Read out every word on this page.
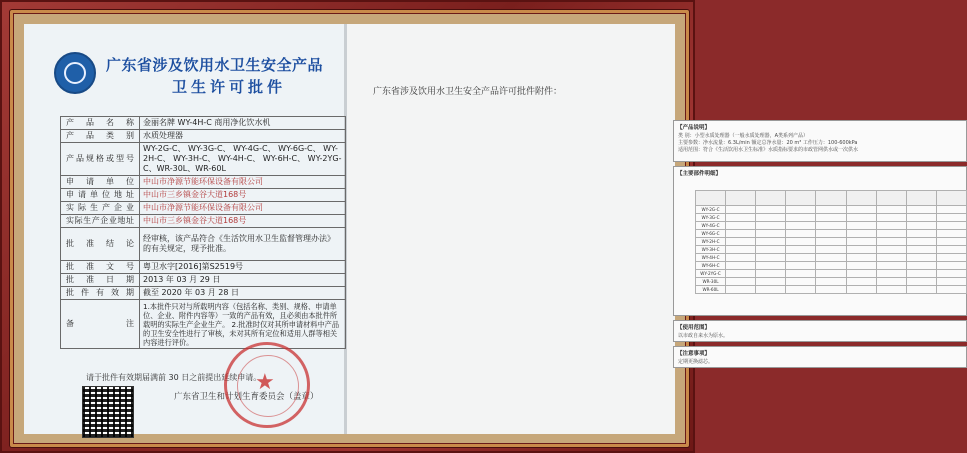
广东省涉及饮用水卫生安全产品
卫生许可批件
产品名称	金丽名牌 WY-4H-C 商用净化饮水机
产品类别	水质处理器
产品规格或型号	WY-2G-C、 WY-3G-C、 WY-4G-C、 WY-6G-C、 WY-2H-C、 WY-3H-C、 WY-4H-C、 WY-6H-C、 WY-2YG-C、WR-30L、WR-60L
申请单位	中山市净源节能环保设备有限公司
申请单位地址	中山市三乡镇金谷大道168号
实际生产企业	中山市净源节能环保设备有限公司
实际生产企业地址	中山市三乡镇金谷大道168号
批准结论	经审核，该产品符合《生活饮用水卫生监督管理办法》的有关规定，现予批准。
批准文号	粤卫水字[2016]第S2519号
批准日期	2013 年 03 月 29 日
批件有效期	截至 2020 年 03 月 28 日
备注	1.本批件只对与所载明内容（包括名称、类别、规格、申请单位、企业、附件内容等）一致的产品有效，且必须由本批件所载明的实际生产企业生产。 2.批准时仅对其所申请材料中产品的卫生安全性进行了审核，未对其所有定位和适用人群等相关内容进行评价。
请于批件有效期届满前 30 日之前提出延续申请。
广东省卫生和计划生育委员会（盖章）
★
广东省涉及饮用水卫生安全产品许可批件附件：
【产品说明】

类 别：小型水质处理器（一般水质处理器，A类系列产品）

主要参数：净水流量：6.3L/min 额定总净水量：20 m³ 工作压力：100-600kPa

适用范围：符合《生活饮用水卫生标准》水质指标要求的市政管网供水或一次供水

【主要部件明细】

WY-2G-C								
WY-3G-C								
WY-4G-C								
WY-6G-C								
WY-2H-C								
WY-3H-C								
WY-4H-C								
WY-6H-C								
WY-2YG-C								
WR-30L								
WR-60L								
【使用范围】

以市政自来水为原水。

【注意事项】

定期更换滤芯。
